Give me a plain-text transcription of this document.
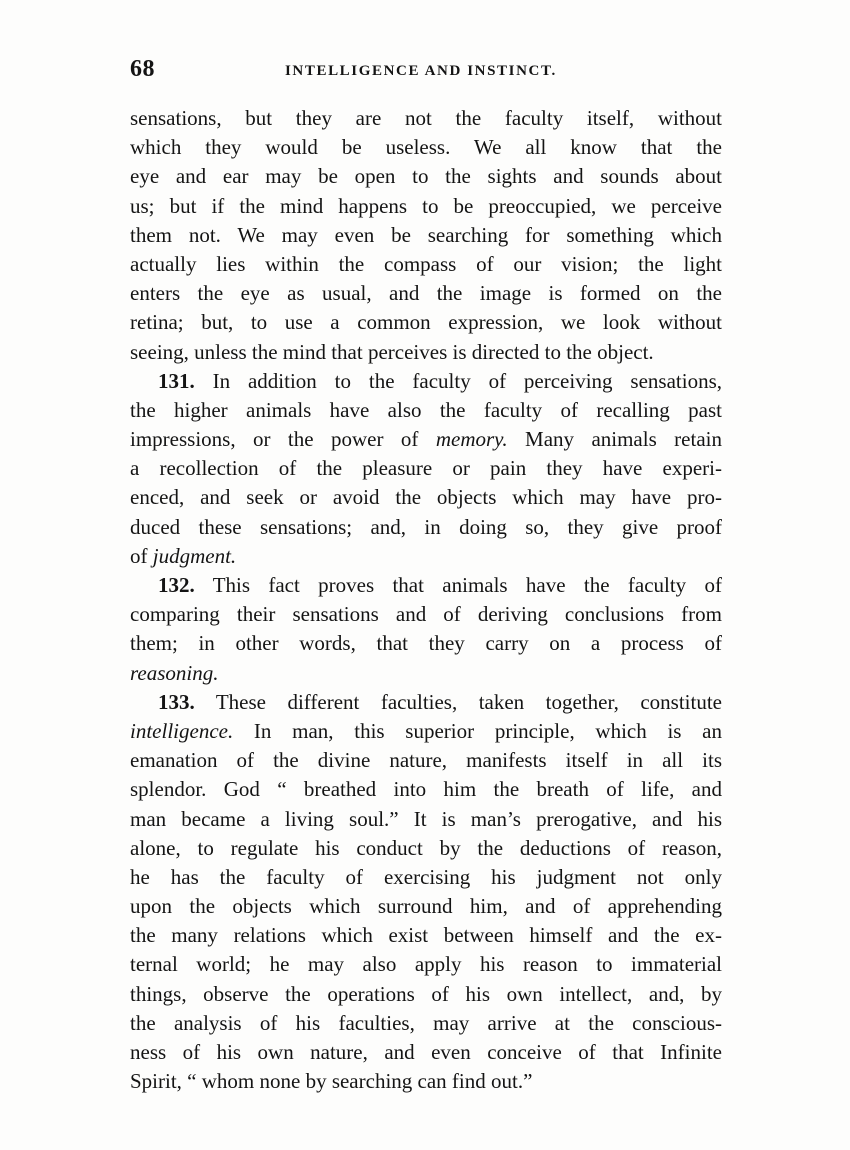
68	INTELLIGENCE AND INSTINCT.
sensations, but they are not the faculty itself, without
which they would be useless. We all know that the
eye and ear may be open to the sights and sounds about
us; but if the mind happens to be preoccupied, we perceive
them not. We may even be searching for something which
actually lies within the compass of our vision; the light
enters the eye as usual, and the image is formed on the
retina; but, to use a common expression, we look without
seeing, unless the mind that perceives is directed to the object.
131. In addition to the faculty of perceiving sensations,
the higher animals have also the faculty of recalling past
impressions, or the power of memory. Many animals retain
a recollection of the pleasure or pain they have experi-
enced, and seek or avoid the objects which may have pro-
duced these sensations; and, in doing so, they give proof
of judgment.
132. This fact proves that animals have the faculty of
comparing their sensations and of deriving conclusions from
them; in other words, that they carry on a process of
reasoning.
133. These different faculties, taken together, constitute
intelligence. In man, this superior principle, which is an
emanation of the divine nature, manifests itself in all its
splendor. God “ breathed into him the breath of life, and
man became a living soul.” It is man’s prerogative, and his
alone, to regulate his conduct by the deductions of reason,
he has the faculty of exercising his judgment not only
upon the objects which surround him, and of apprehending
the many relations which exist between himself and the ex-
ternal world; he may also apply his reason to immaterial
things, observe the operations of his own intellect, and, by
the analysis of his faculties, may arrive at the conscious-
ness of his own nature, and even conceive of that Infinite
Spirit, “ whom none by searching can find out.”
